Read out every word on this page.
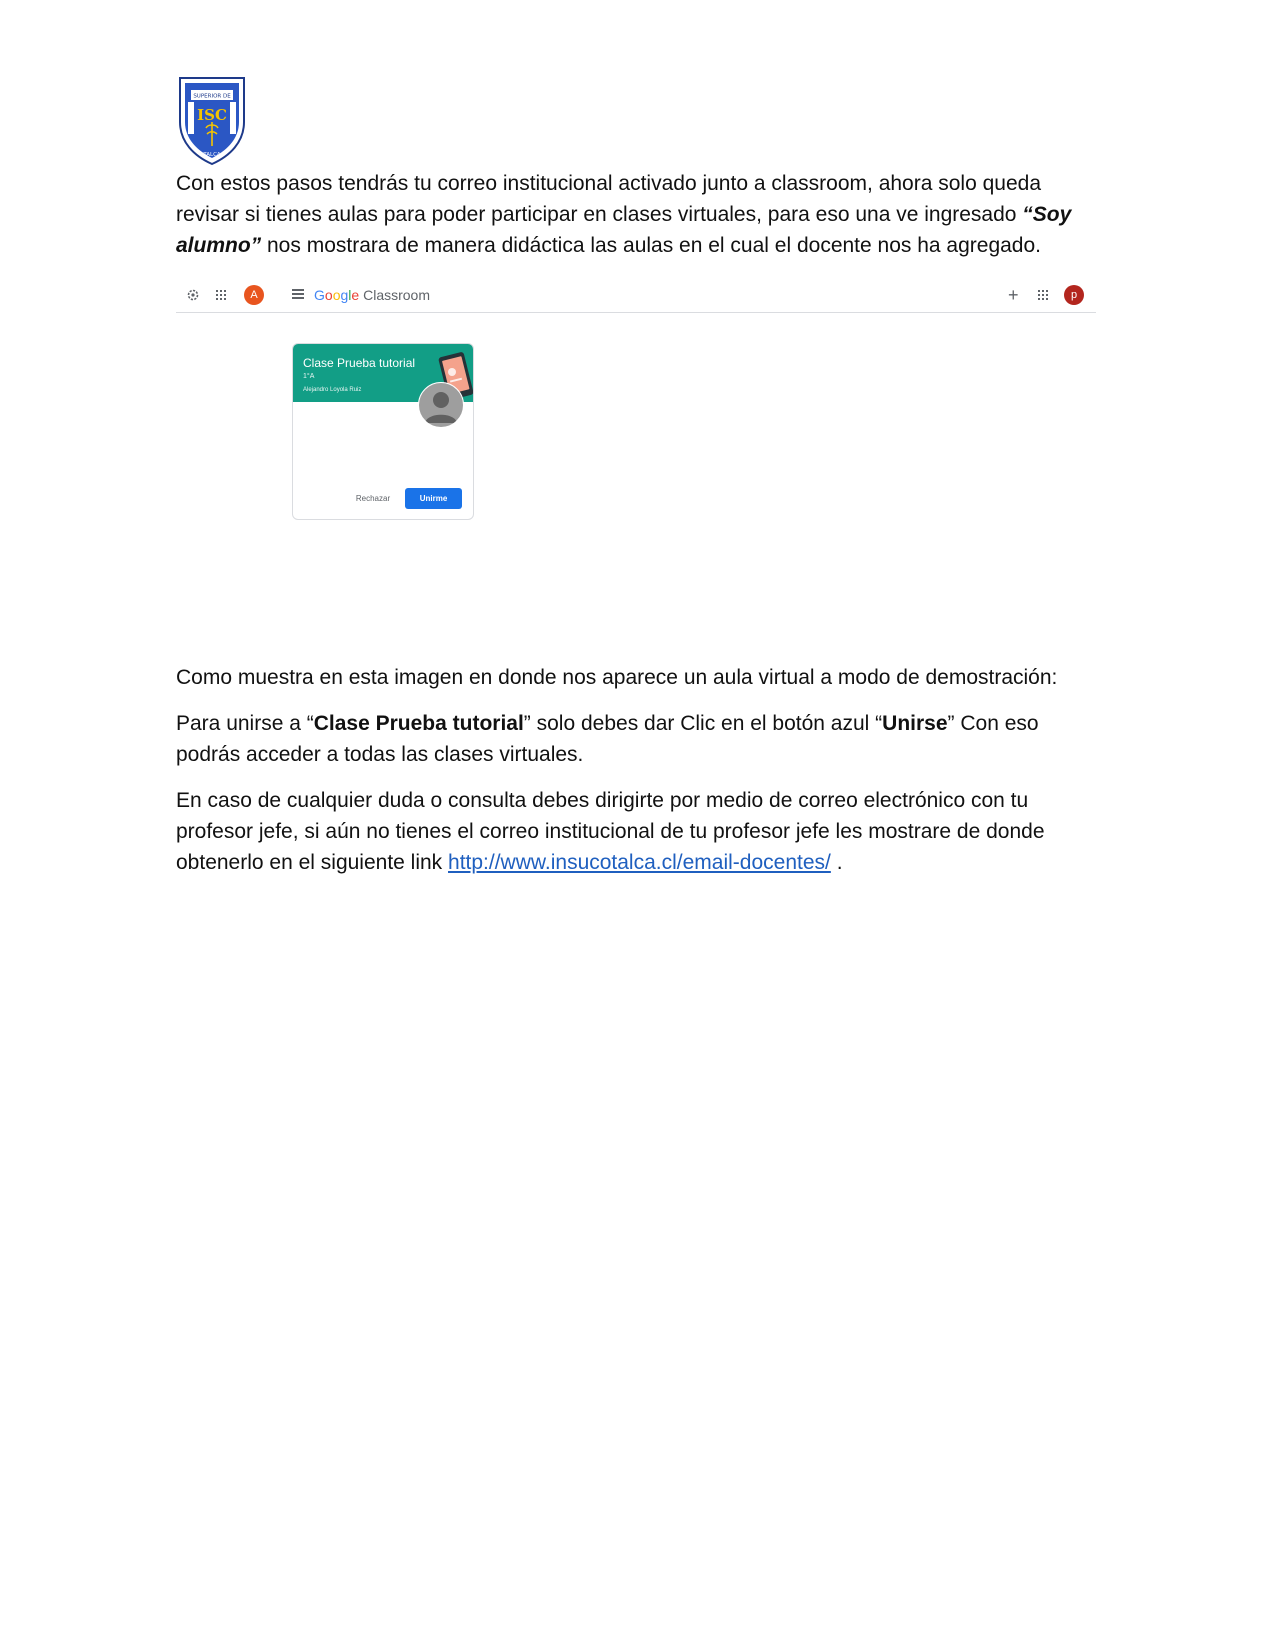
SUPERIOR DE
ISC
TALCA

Con estos pasos tendrás tu correo institucional activado junto a classroom, ahora solo queda revisar si tienes aulas para poder participar en clases virtuales, para eso una ve ingresado “Soy alumno” nos mostrara de manera didáctica las aulas en el cual el docente nos ha agregado.

A	Google Classroom	+	p
Clase Prueba tutorial
1°A
Alejandro Loyola Ruiz
Rechazar	Unirme

Como muestra en esta imagen en donde nos aparece un aula virtual a modo de demostración:

Para unirse a “Clase Prueba tutorial” solo debes dar Clic en el botón azul “Unirse” Con eso podrás acceder a todas las clases virtuales.

En caso de cualquier duda o consulta debes dirigirte por medio de correo electrónico con tu profesor jefe, si aún no tienes el correo institucional de tu profesor jefe les mostrare de donde obtenerlo en el siguiente link http://www.insucotalca.cl/email-docentes/ .
